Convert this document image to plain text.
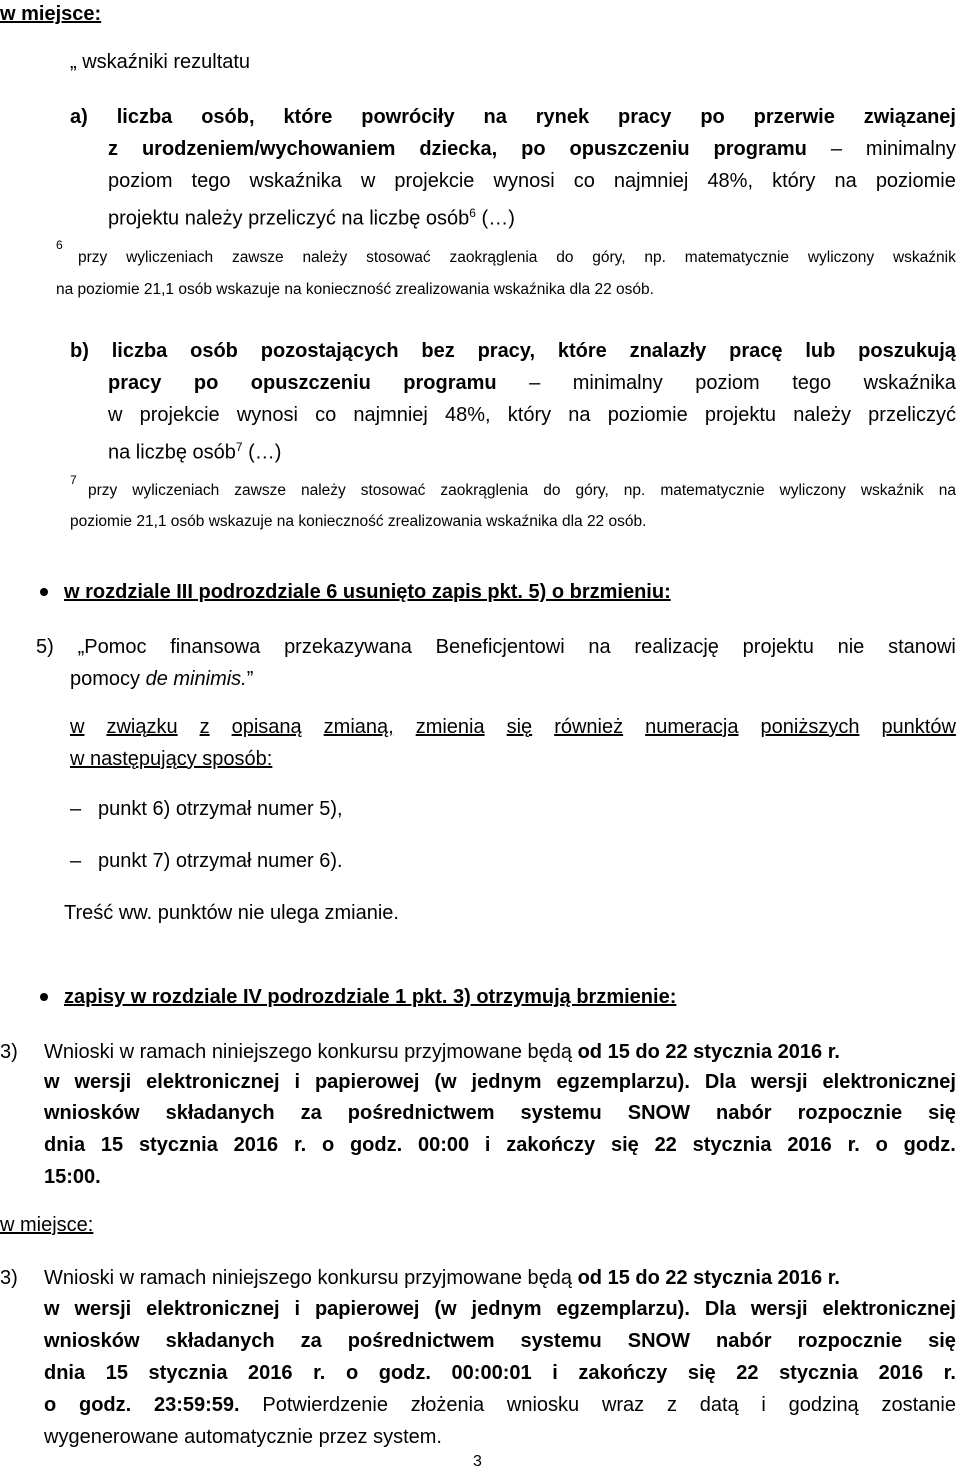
w miejsce:
„ wskaźniki rezultatu
a) liczba osób, które powróciły na rynek pracy po przerwie związanej
z urodzeniem/wychowaniem dziecka, po opuszczeniu programu – minimalny
poziom tego wskaźnika w projekcie wynosi co najmniej 48%, który na poziomie
projektu należy przeliczyć na liczbę osób$^6$ (…)
6
przy wyliczeniach zawsze należy stosować zaokrąglenia do góry, np. matematycznie wyliczony wskaźnik
na poziomie 21,1 osób wskazuje na konieczność zrealizowania wskaźnika dla 22 osób.
b) liczba osób pozostających bez pracy, które znalazły pracę lub poszukują
pracy po opuszczeniu programu – minimalny poziom tego wskaźnika
w projekcie wynosi co najmniej 48%, który na poziomie projektu należy przeliczyć
na liczbę osób$^7$ (…)
7
przy wyliczeniach zawsze należy stosować zaokrąglenia do góry, np. matematycznie wyliczony wskaźnik na
poziomie 21,1 osób wskazuje na konieczność zrealizowania wskaźnika dla 22 osób.
w rozdziale III podrozdziale 6 usunięto zapis pkt. 5) o brzmieniu:
5) „Pomoc finansowa przekazywana Beneficjentowi na realizację projektu nie stanowi
pomocy de minimis.”
w związku z opisaną zmianą, zmienia się również numeracja poniższych punktów
w następujący sposób:
– punkt 6) otrzymał numer 5),
– punkt 7) otrzymał numer 6).
Treść ww. punktów nie ulega zmianie.
zapisy w rozdziale IV podrozdziale 1 pkt. 3) otrzymują brzmienie:
3) Wnioski w ramach niniejszego konkursu przyjmowane będą od 15 do 22 stycznia 2016 r.
w wersji elektronicznej i papierowej (w jednym egzemplarzu). Dla wersji elektronicznej
wniosków składanych za pośrednictwem systemu SNOW nabór rozpocznie się
dnia 15 stycznia 2016 r. o godz. 00:00 i zakończy się 22 stycznia 2016 r. o godz.
15:00.
w miejsce:
3) Wnioski w ramach niniejszego konkursu przyjmowane będą od 15 do 22 stycznia 2016 r.
w wersji elektronicznej i papierowej (w jednym egzemplarzu). Dla wersji elektronicznej
wniosków składanych za pośrednictwem systemu SNOW nabór rozpocznie się
dnia 15 stycznia 2016 r. o godz. 00:00:01 i zakończy się 22 stycznia 2016 r.
o godz. 23:59:59. Potwierdzenie złożenia wniosku wraz z datą i godziną zostanie
wygenerowane automatycznie przez system.
3
